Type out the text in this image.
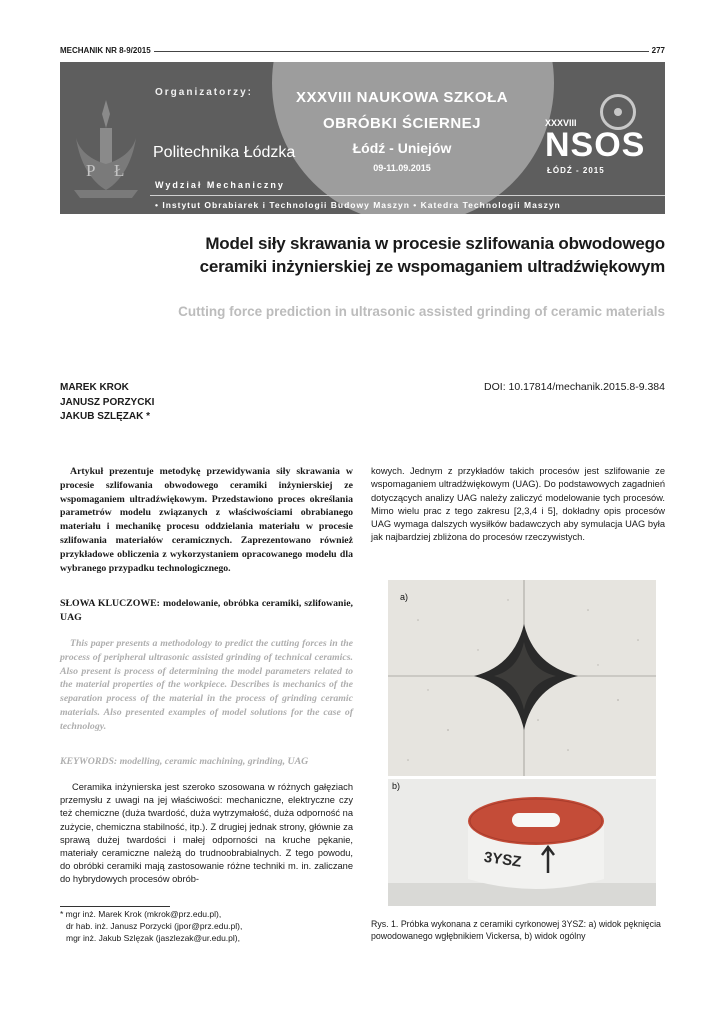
MECHANIK NR 8-9/2015	277
Organizatorzy:
P Ł
Politechnika Łódzka
XXXVIII NAUKOWA SZKOŁA
OBRÓBKI ŚCIERNEJ
Łódź - Uniejów
09-11.09.2015
XXXVIII
NSOS
ŁÓDŹ - 2015
Wydział Mechaniczny
• Instytut Obrabiarek i Technologii Budowy Maszyn • Katedra Technologii Maszyn
Model siły skrawania w procesie szlifowania obwodowego
ceramiki inżynierskiej ze wspomaganiem ultradźwiękowym
Cutting force prediction in ultrasonic assisted grinding of ceramic materials
MAREK KROK
JANUSZ PORZYCKI
JAKUB SZLĘZAK *
DOI: 10.17814/mechanik.2015.8-9.384

Artykuł prezentuje metodykę przewidywania siły skrawania w procesie szlifowania obwodowego ceramiki inżynierskiej ze wspomaganiem ultradźwiękowym. Przedstawiono proces określania parametrów modelu związanych z właściwościami obrabianego materiału i mechanikę procesu oddzielania materiału w procesie szlifowania materiałów ceramicznych. Zaprezentowano również przykładowe obliczenia z wykorzystaniem opracowanego modelu dla wybranego przypadku technologicznego.

SŁOWA KLUCZOWE: modelowanie, obróbka ceramiki, szlifowanie, UAG

This paper presents a methodology to predict the cutting forces in the process of peripheral ultrasonic assisted grinding of technical ceramics. Also present is process of determining the model parameters related to the material properties of the workpiece. Describes is mechanics of the separation process of the material in the process of grinding ceramic materials. Also presented examples of model solutions for the case of technology.

KEYWORDS: modelling, ceramic machining, grinding, UAG

Ceramika inżynierska jest szeroko szosowana w różnych gałęziach przemysłu z uwagi na jej właściwości: mechaniczne, elektryczne czy też chemiczne (duża twardość, duża wytrzymałość, duża odporność na zużycie, chemiczna stabilność, itp.). Z drugiej jednak strony, głównie za sprawą dużej twardości i małej odporności na kruche pękanie, materiały ceramiczne należą do trudnoobrabialnych. Z tego powodu, do obróbki ceramiki mają zastosowanie różne techniki m. in. zaliczane do hybrydowych procesów obrób-

kowych. Jednym z przykładów takich procesów jest szlifowanie ze wspomaganiem ultradźwiękowym (UAG). Do podstawowych zagadnień dotyczących analizy UAG należy zaliczyć modelowanie tych procesów. Mimo wielu prac z tego zakresu [2,3,4 i 5], dokładny opis procesów UAG wymaga dalszych wysiłków badawczych aby symulacja UAG była jak najbardziej zbliżona do procesów rzeczywistych.

* mgr inż. Marek Krok (mkrok@prz.edu.pl),
dr hab. inż. Janusz Porzycki (jpor@prz.edu.pl),
mgr inż. Jakub Szlęzak (jaszlezak@ur.edu.pl),
a)
3YSZ
b)
Rys. 1. Próbka wykonana z ceramiki cyrkonowej 3YSZ: a) widok pęknięcia powodowanego wgłębnikiem Vickersa, b) widok ogólny
